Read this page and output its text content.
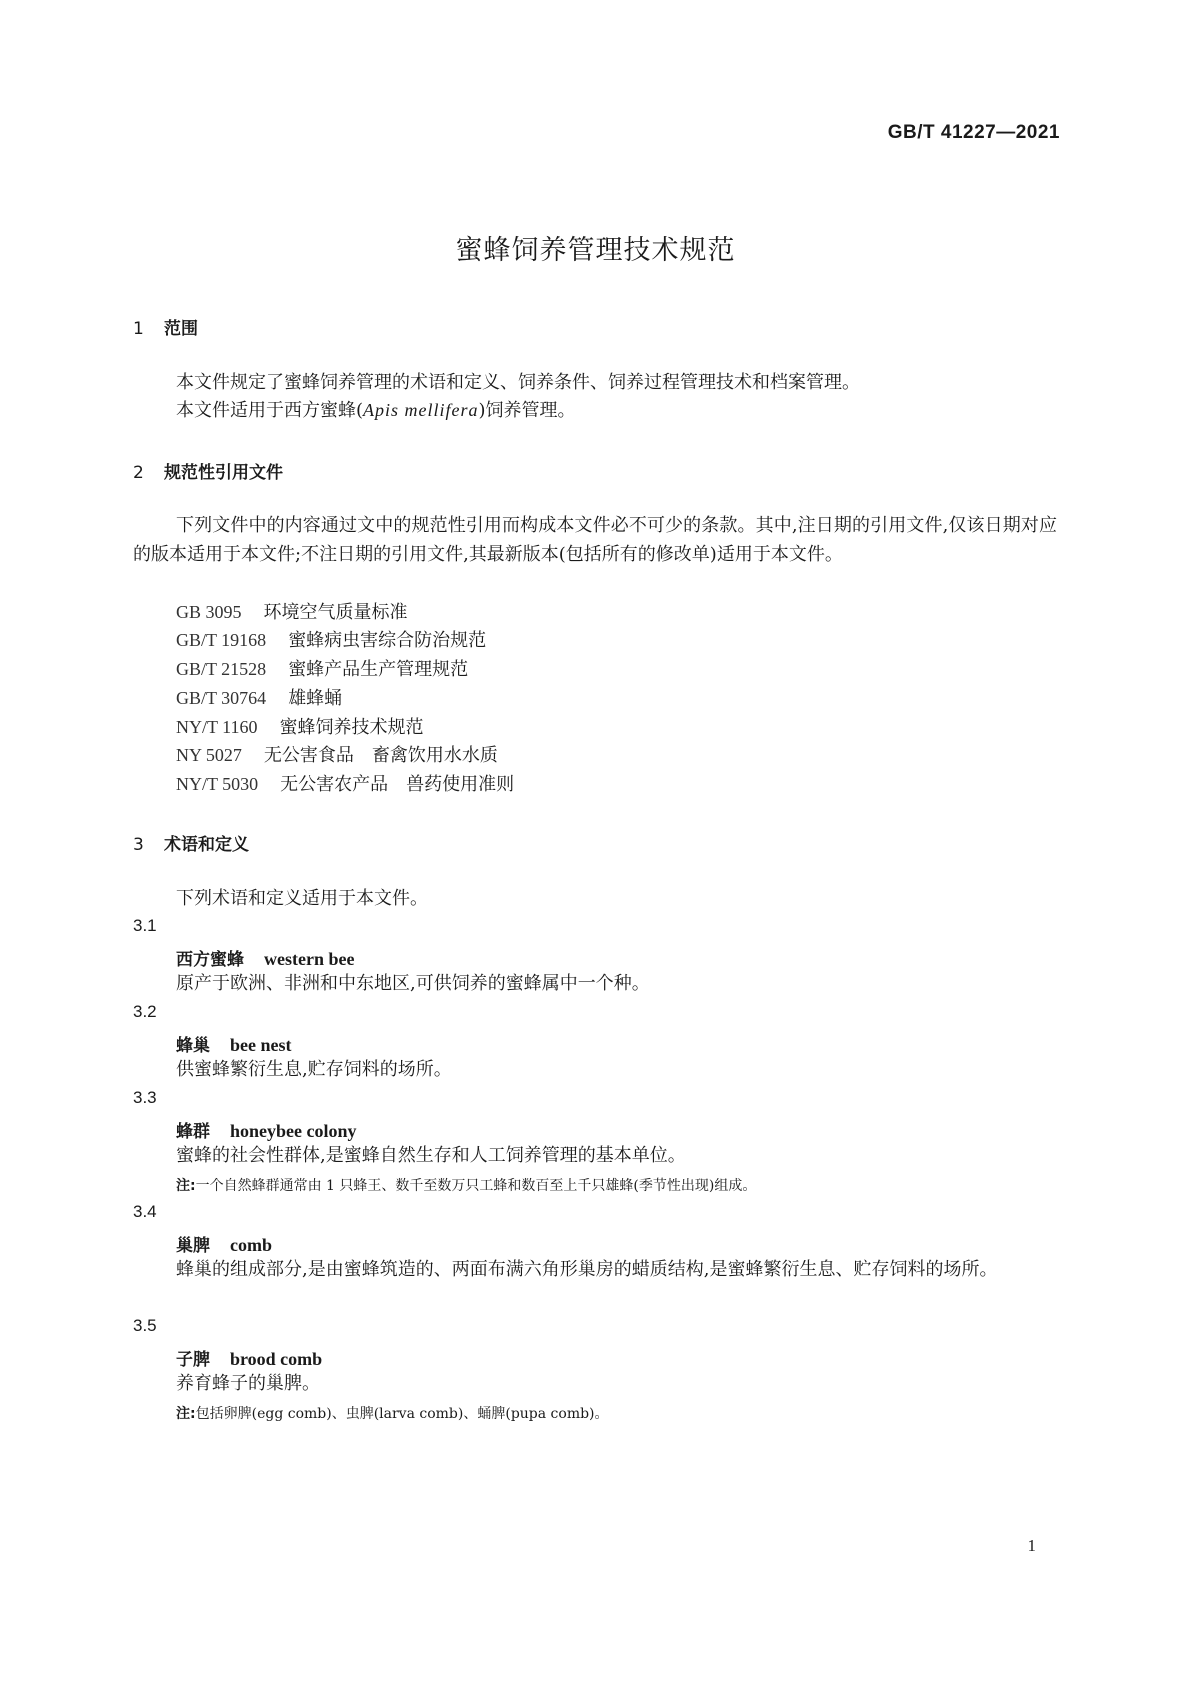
GB/T 41227—2021
蜜蜂饲养管理技术规范
1 范围
本文件规定了蜜蜂饲养管理的术语和定义、饲养条件、饲养过程管理技术和档案管理。
本文件适用于西方蜜蜂(Apis mellifera)饲养管理。
2 规范性引用文件
下列文件中的内容通过文中的规范性引用而构成本文件必不可少的条款。其中,注日期的引用文件,仅该日期对应的版本适用于本文件;不注日期的引用文件,其最新版本(包括所有的修改单)适用于本文件。
GB 3095 环境空气质量标准
GB/T 19168 蜜蜂病虫害综合防治规范
GB/T 21528 蜜蜂产品生产管理规范
GB/T 30764 雄蜂蛹
NY/T 1160 蜜蜂饲养技术规范
NY 5027 无公害食品　畜禽饮用水水质
NY/T 5030 无公害农产品　兽药使用准则
3 术语和定义
下列术语和定义适用于本文件。
3.1
西方蜜蜂 western bee
原产于欧洲、非洲和中东地区,可供饲养的蜜蜂属中一个种。
3.2
蜂巢 bee nest
供蜜蜂繁衍生息,贮存饲料的场所。
3.3
蜂群 honeybee colony
蜜蜂的社会性群体,是蜜蜂自然生存和人工饲养管理的基本单位。
注:一个自然蜂群通常由 1 只蜂王、数千至数万只工蜂和数百至上千只雄蜂(季节性出现)组成。
3.4
巢脾 comb
蜂巢的组成部分,是由蜜蜂筑造的、两面布满六角形巢房的蜡质结构,是蜜蜂繁衍生息、贮存饲料的场所。
3.5
子脾 brood comb
养育蜂子的巢脾。
注:包括卵脾(egg comb)、虫脾(larva comb)、蛹脾(pupa comb)。
1
